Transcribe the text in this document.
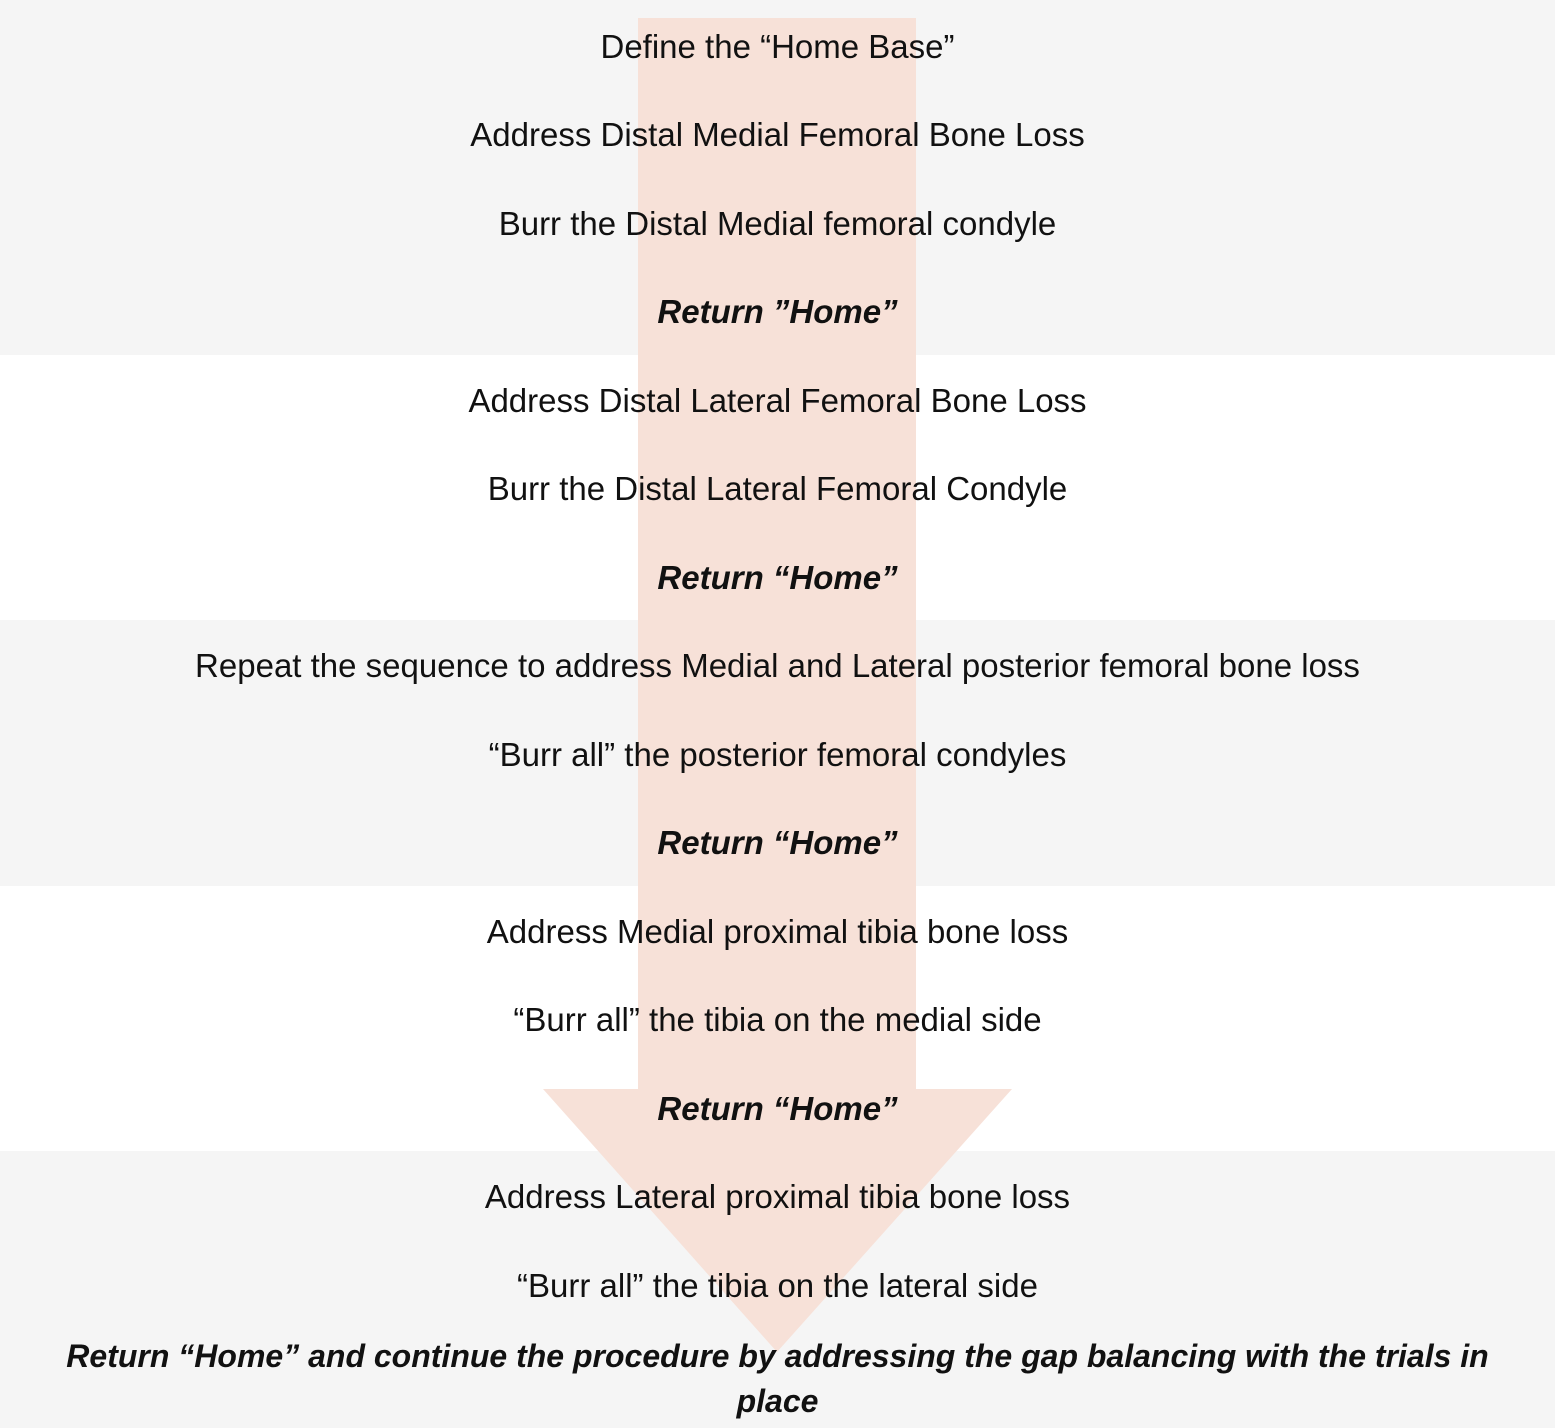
Define the “Home Base”
Address Distal Medial Femoral Bone Loss
Burr the Distal Medial femoral condyle
Return ”Home”
Address Distal Lateral Femoral Bone Loss
Burr the Distal Lateral Femoral Condyle
Return “Home”
Repeat the sequence to address Medial and Lateral posterior femoral bone loss
“Burr all” the posterior femoral condyles
Return “Home”
Address Medial proximal tibia bone loss
“Burr all” the tibia on the medial side
Return “Home”
Address Lateral proximal tibia bone loss
“Burr all” the tibia on the lateral side
Return “Home” and continue the procedure by addressing the gap balancing with the trials in place
